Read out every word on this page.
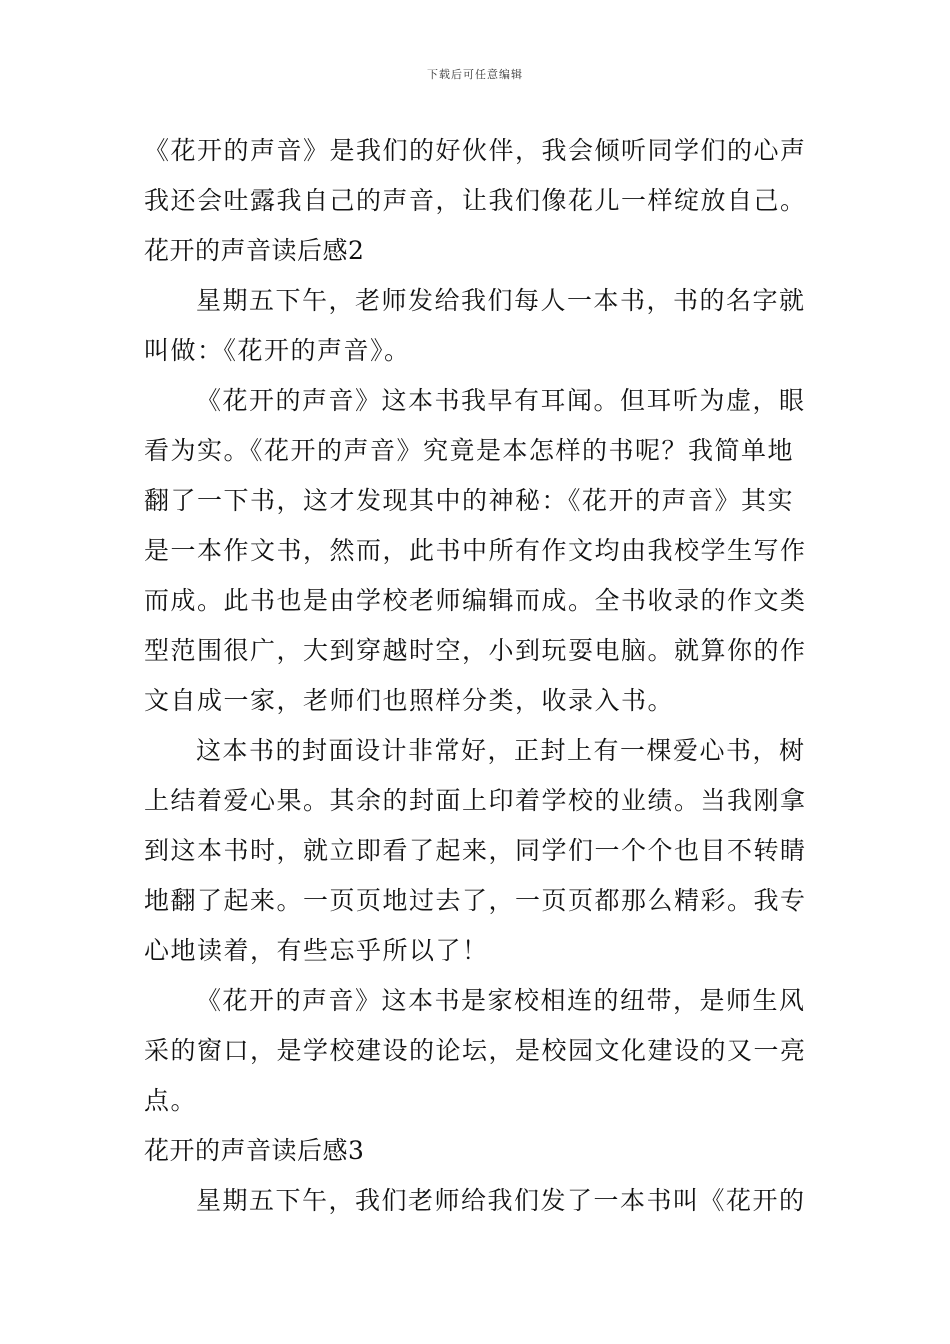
下载后可任意编辑
《花开的声音》是我们的好伙伴，我会倾听同学们的心声
我还会吐露我自己的声音，让我们像花儿一样绽放自己。
花开的声音读后感2
星期五下午，老师发给我们每人一本书，书的名字就
叫做：《花开的声音》。
《花开的声音》这本书我早有耳闻。但耳听为虚，眼
看为实。《花开的声音》究竟是本怎样的书呢？我简单地
翻了一下书，这才发现其中的神秘：《花开的声音》其实
是一本作文书，然而，此书中所有作文均由我校学生写作
而成。此书也是由学校老师编辑而成。全书收录的作文类
型范围很广，大到穿越时空，小到玩耍电脑。就算你的作
文自成一家，老师们也照样分类，收录入书。
这本书的封面设计非常好，正封上有一棵爱心书，树
上结着爱心果。其余的封面上印着学校的业绩。当我刚拿
到这本书时，就立即看了起来，同学们一个个也目不转睛
地翻了起来。一页页地过去了，一页页都那么精彩。我专
心地读着，有些忘乎所以了！
《花开的声音》这本书是家校相连的纽带，是师生风
采的窗口，是学校建设的论坛，是校园文化建设的又一亮
点。
花开的声音读后感3
星期五下午，我们老师给我们发了一本书叫《花开的
